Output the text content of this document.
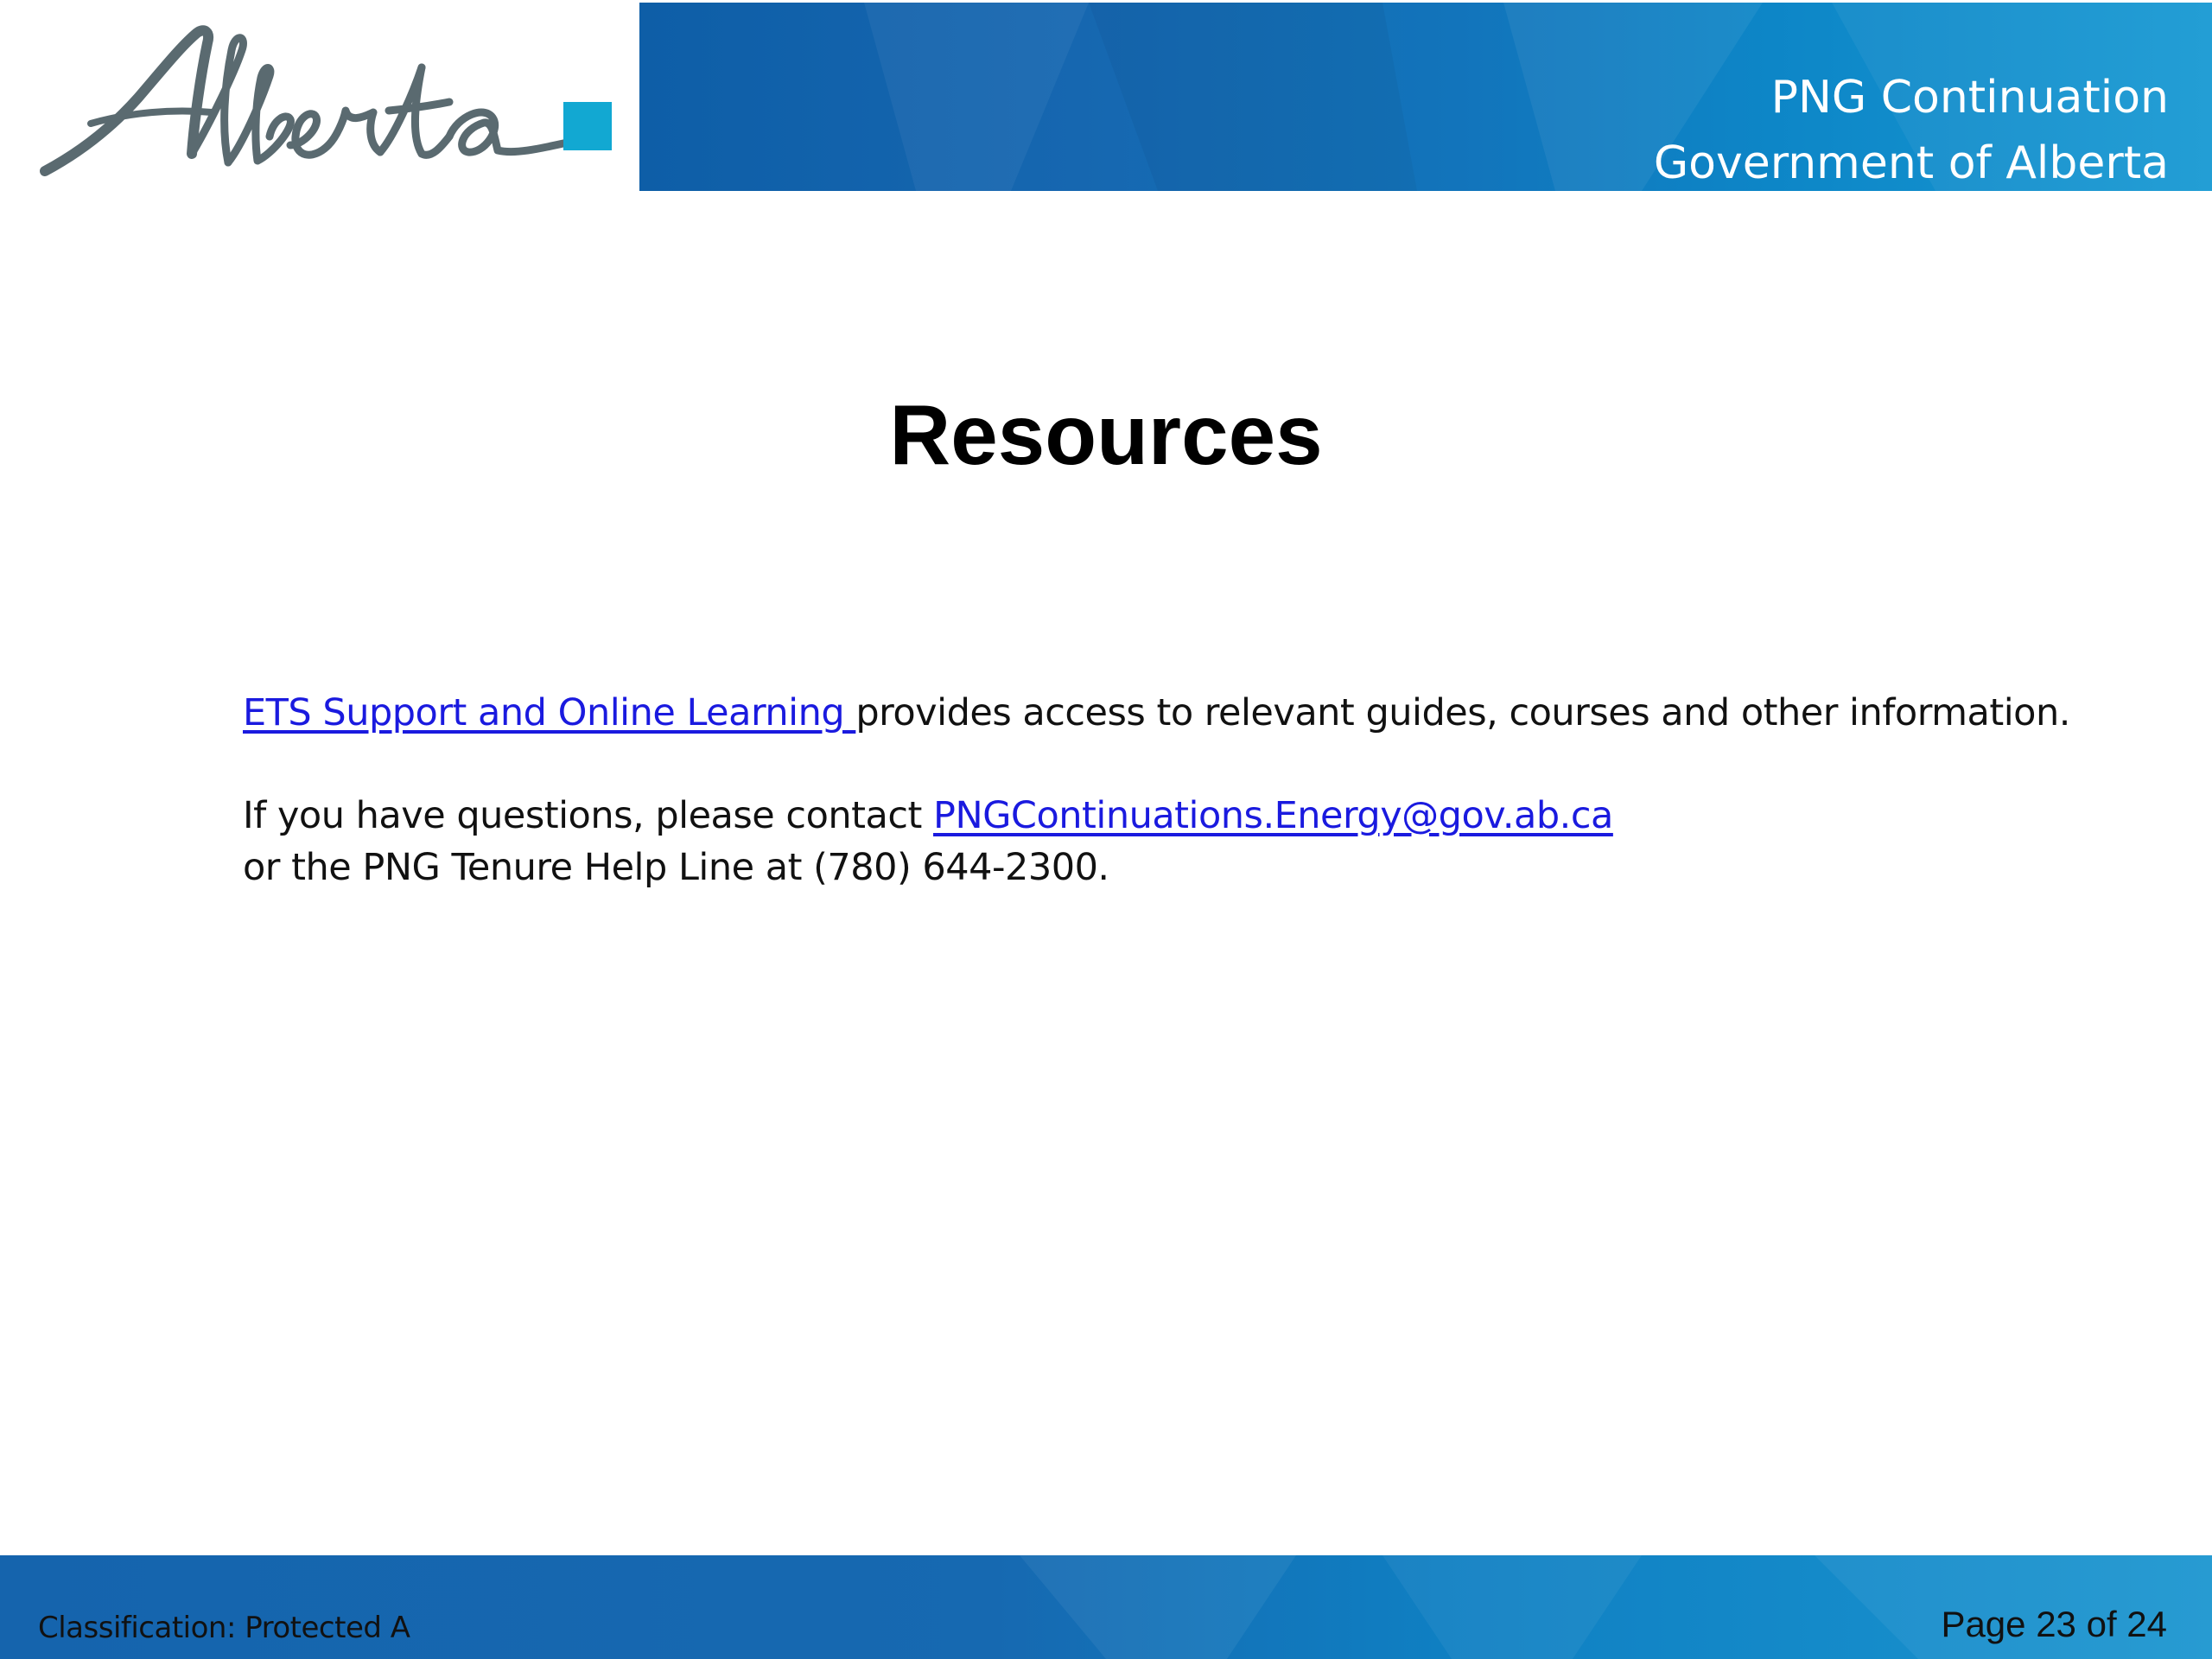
PNG Continuation
Government of Alberta
Resources

ETS Support and Online Learning provides access to relevant guides, courses and other information.

If you have questions, please contact PNGContinuations.Energy@gov.ab.ca

or the PNG Tenure Help Line at (780) 644-2300.

Classification: Protected A	Page 23 of 24
